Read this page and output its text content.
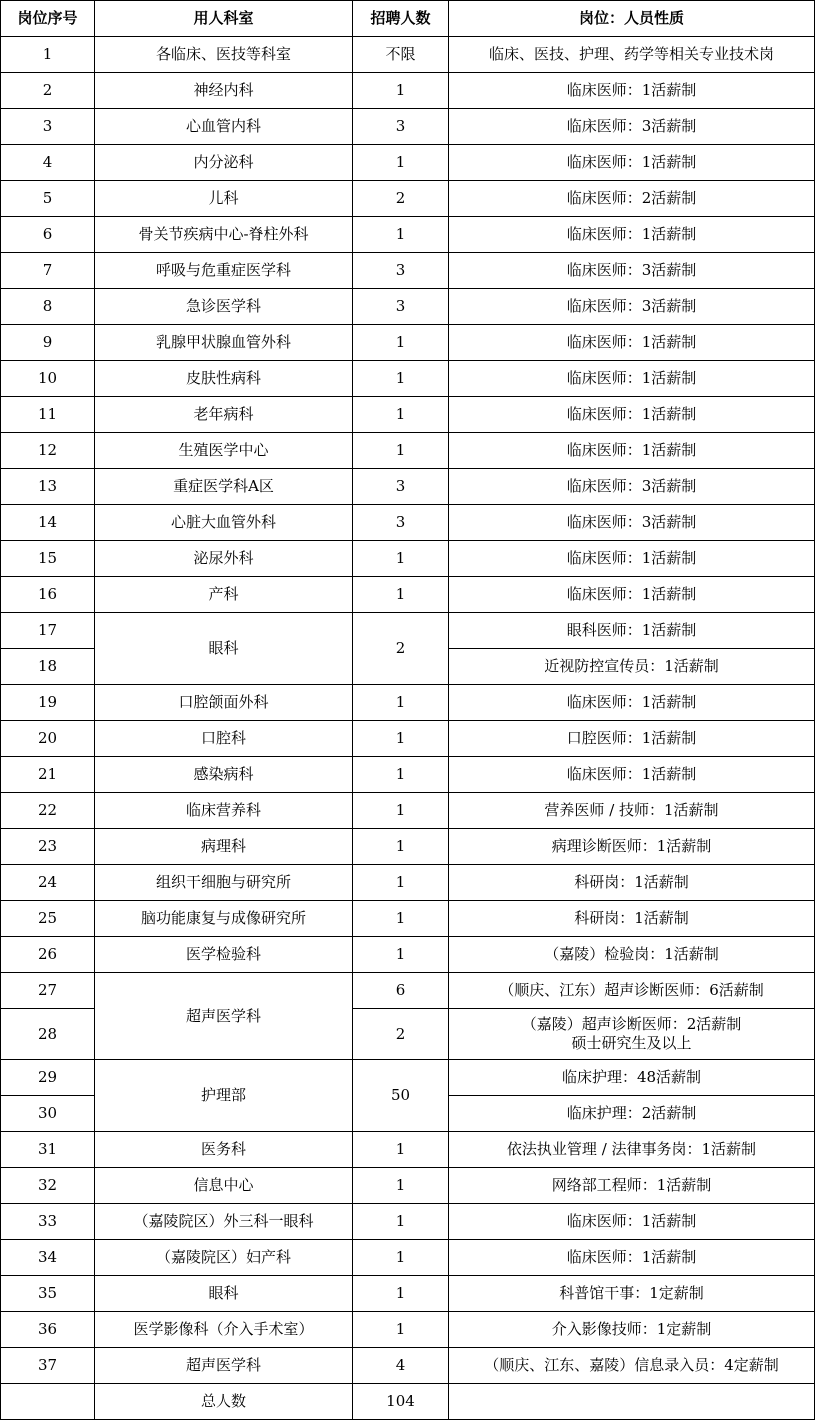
岗位序号	用人科室	招聘人数	岗位：人员性质
1	各临床、医技等科室	不限	临床、医技、护理、药学等相关专业技术岗
2	神经内科	1	临床医师：1活薪制
3	心血管内科	3	临床医师：3活薪制
4	内分泌科	1	临床医师：1活薪制
5	儿科	2	临床医师：2活薪制
6	骨关节疾病中心-脊柱外科	1	临床医师：1活薪制
7	呼吸与危重症医学科	3	临床医师：3活薪制
8	急诊医学科	3	临床医师：3活薪制
9	乳腺甲状腺血管外科	1	临床医师：1活薪制
10	皮肤性病科	1	临床医师：1活薪制
11	老年病科	1	临床医师：1活薪制
12	生殖医学中心	1	临床医师：1活薪制
13	重症医学科A区	3	临床医师：3活薪制
14	心脏大血管外科	3	临床医师：3活薪制
15	泌尿外科	1	临床医师：1活薪制
16	产科	1	临床医师：1活薪制
17	眼科	2	眼科医师：1活薪制
18			近视防控宣传员：1活薪制
19	口腔颌面外科	1	临床医师：1活薪制
20	口腔科	1	口腔医师：1活薪制
21	感染病科	1	临床医师：1活薪制
22	临床营养科	1	营养医师 / 技师：1活薪制
23	病理科	1	病理诊断医师：1活薪制
24	组织干细胞与研究所	1	科研岗：1活薪制
25	脑功能康复与成像研究所	1	科研岗：1活薪制
26	医学检验科	1	（嘉陵）检验岗：1活薪制
27	超声医学科	6	（顺庆、江东）超声诊断医师：6活薪制
28		2	（嘉陵）超声诊断医师：2活薪制
硕士研究生及以上

29	护理部	50	临床护理：48活薪制
30			临床护理：2活薪制
31	医务科	1	依法执业管理 / 法律事务岗：1活薪制
32	信息中心	1	网络部工程师：1活薪制
33	（嘉陵院区）外三科一眼科	1	临床医师：1活薪制
34	（嘉陵院区）妇产科	1	临床医师：1活薪制
35	眼科	1	科普馆干事：1定薪制
36	医学影像科（介入手术室）	1	介入影像技师：1定薪制
37	超声医学科	4	（顺庆、江东、嘉陵）信息录入员：4定薪制
	总人数	104	
